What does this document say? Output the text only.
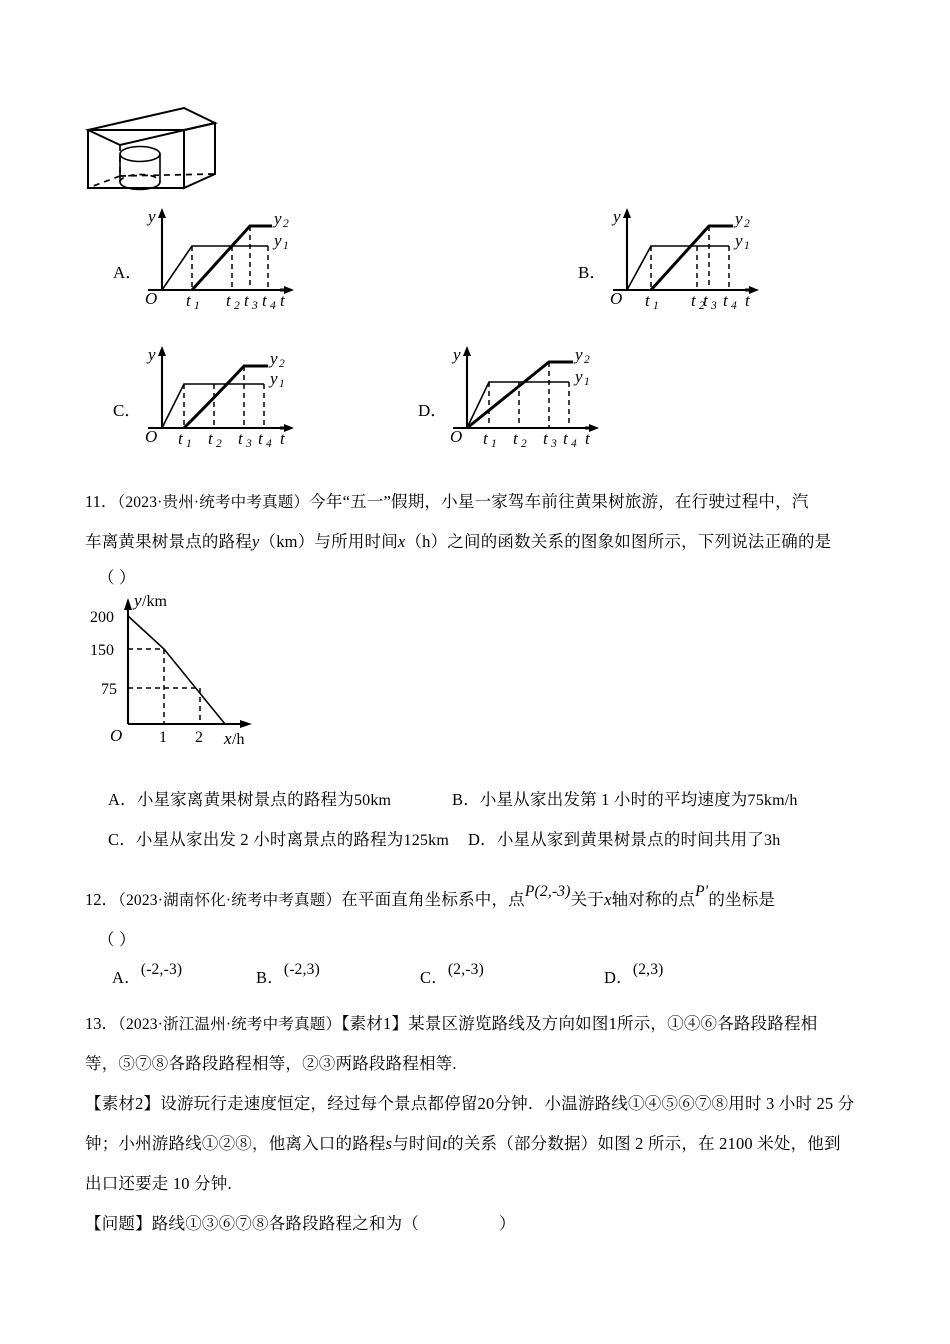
A．
y
O t 1 t 2 t 3 t 4 t
y 2
y 1
B．
y
O t 1 t 2
t 3 t 4 t
y 2
y 1
C．
y
O t 1 t 2 t 3 t 4 t
y 2
y 1
D．
y
O t 1 t 2 t 3 t 4 t
y 2
y 1
11．（2023·贵州·统考中考真题）今年“五一”假期，小星一家驾车前往黄果树旅游，在行驶过程中，汽
车离黄果树景点的路程y（km）与所用时间x（h）之间的函数关系的图象如图所示，下列说法正确的是
（ ）
200
150
75
1 2
O
y /km
x /h
A．小星家离黄果树景点的路程为50km	B．小星从家出发第 1 小时的平均速度为75km/h
C．小星从家出发 2 小时离景点的路程为125km D．小星从家到黄果树景点的时间共用了3h
12．（2023·湖南怀化·统考中考真题）在平面直角坐标系中，点P(2,-3)关于x轴对称的点P′的坐标是
（ ）
A．(-2,-3)	B．(-2,3)	C．(2,-3)	D．(2,3)
13．（2023·浙江温州·统考中考真题）【素材1】某景区游览路线及方向如图1所示，①④⑥各路段路程相
等，⑤⑦⑧各路段路程相等，②③两路段路程相等.
【素材2】设游玩行走速度恒定，经过每个景点都停留20分钟．小温游路线①④⑤⑥⑦⑧用时 3 小时 25 分
钟；小州游路线①②⑧，他离入口的路程s与时间t的关系（部分数据）如图 2 所示，在 2100 米处，他到
出口还要走 10 分钟.
【问题】路线①③⑥⑦⑧各路段路程之和为（	）
